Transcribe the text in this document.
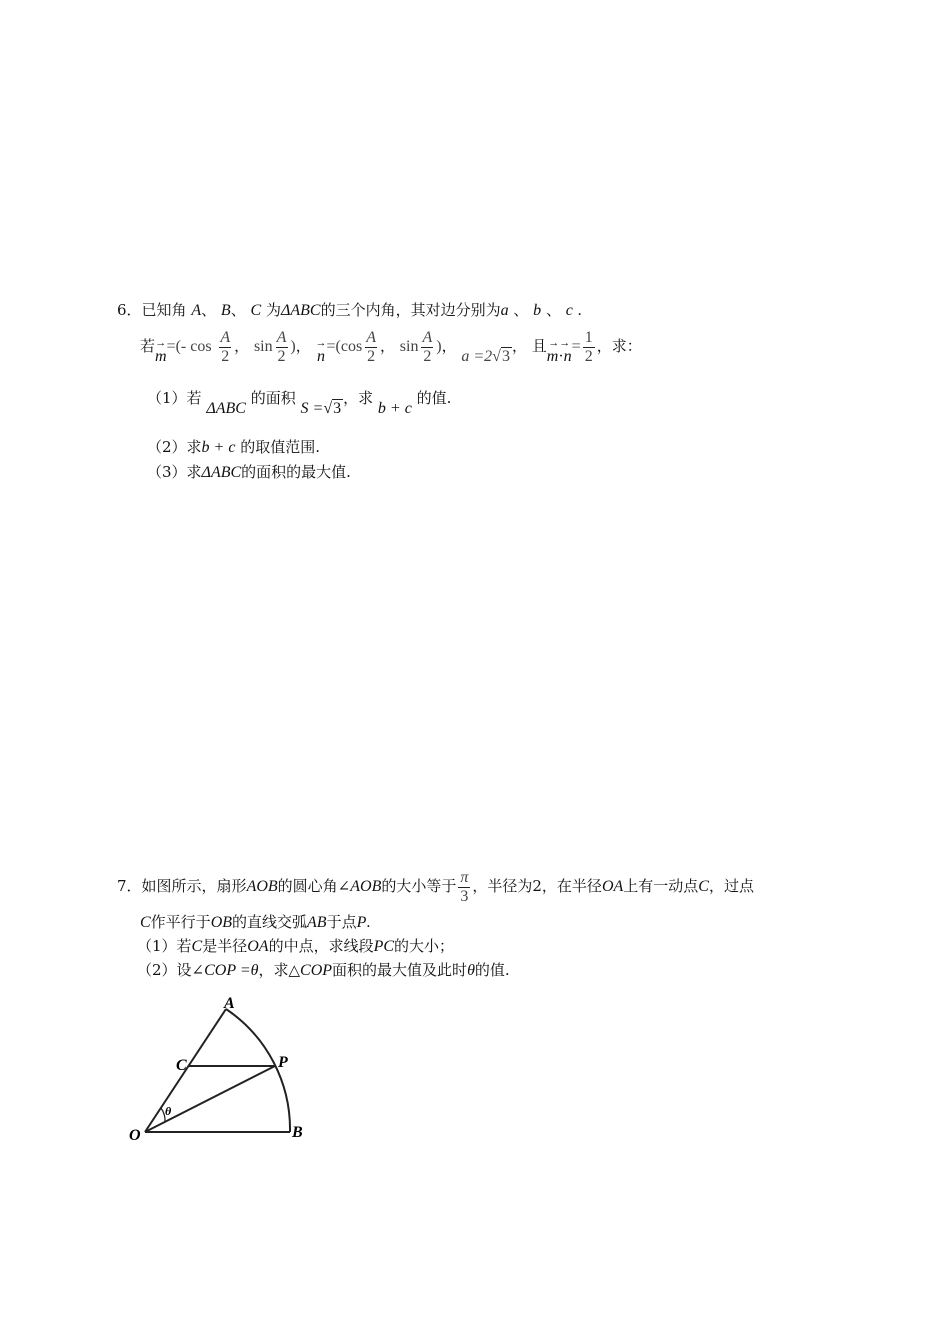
6．已知角 A、 B、 C 为ΔABC的三个内角，其对边分别为a 、 b 、 c .
若 →
m
=(- $\cos \frac{A}{2}$ ， $\sin \frac{A}{2}$ )， →
n
$=(\cos \frac{A}{2}$ ， $\sin \frac{A}{2}$ )， a =2√3， 且 →→
m·n
= $\frac{1}{2}$ ，求：
（1）若 ΔABC 的面积 S =√3，求 b + c 的值.
（2）求b + c 的取值范围.
（3）求ΔABC的面积的最大值.
7．如图所示，扇形AOB的圆心角∠AOB的大小等于 $\frac{\pi}{3}$ ，半径为2，在半径OA上有一动点C，过点
C作平行于OB的直线交弧AB于点P.
（1）若C是半径OA的中点，求线段PC的大小；
（2）设∠COP =θ，求△COP面积的最大值及此时θ的值.
A
C	P
O	B
θ
